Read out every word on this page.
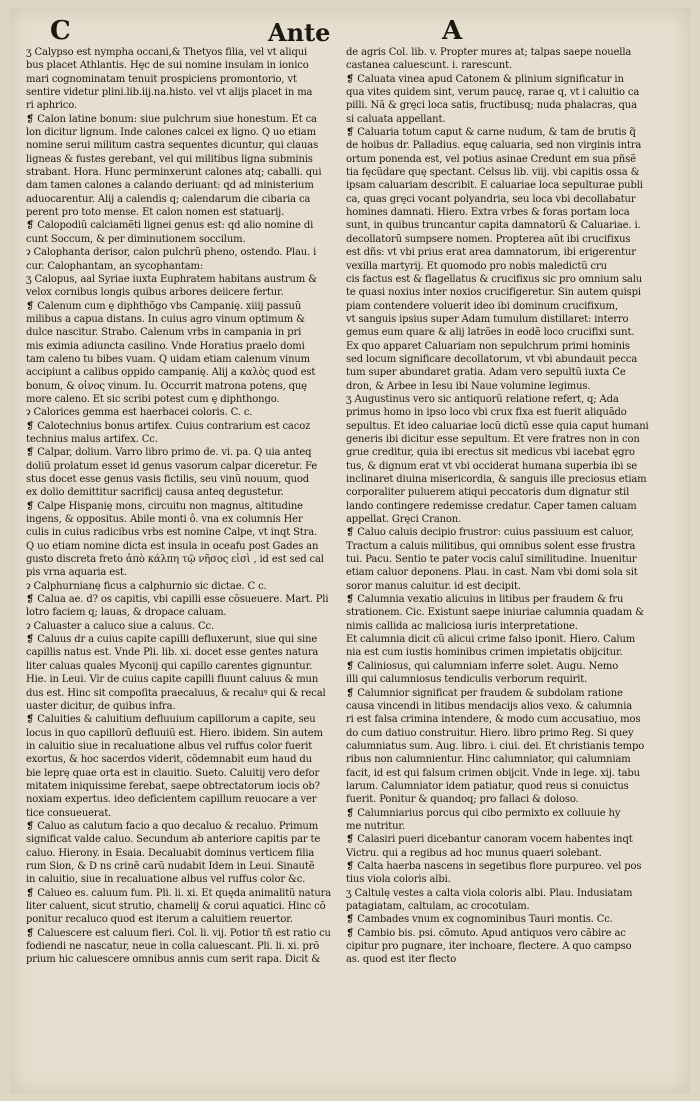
C	Ante	A
ʒ Calypso est nympha occani,& Thetyos filia, vel vt aliqui
bus placet Athlantis. Hęc de sui nomine insulam in ionico
mari cognominatam tenuit prospiciens promontorio, vt
sentire videtur plini.lib.iij.na.histo. vel vt alijs placet in ma
ri aphrico.
❡ Calon latine bonum: siue pulchrum siue honestum. Et ca
lon dicitur lignum. Inde calones calcei ex ligno. Q uo etiam
nomine serui militum castra sequentes dicuntur, qui clauas
ligneas & fustes gerebant, vel qui militibus ligna subminis
strabant. Hora. Hunc perminxerunt calones atq; caballi. qui
dam tamen calones a calando deriuant: qd ad ministerium
aduocarentur. Alij a calendis q; calendarum die cibaria ca
perent pro toto mense. Et calon nomen est statuarij.
❡ Calopodiũ calciamẽti lignei genus est: qd alio nomine di
cunt Soccum, & per diminutionem soccilum.
ɂ Calophanta derisor, calon pulchrũ pheno, ostendo. Plau. i
cur. Calophantam, an sycophantam:
ʒ Calopus, aal Syriae iuxta Euphratem habitans austrum &
velox cornibus longis quibus arbores deiicere fertur.
❡ Calenum cum ę diphthõgo vbs Campanię. xiiij passuũ
milibus a capua distans. In cuius agro vinum optimum &
dulce nascitur. Strabo. Calenum vrbs in campania in pri
mis eximia adiuncta casilino. Vnde Horatius praelo domi
tam caleno tu bibes vuam. Q uidam etiam calenum vinum
accipiunt a calibus oppido campanię. Alij a καλὸς quod est
bonum, & οἶνος vinum. Iu. Occurrit matrona potens, quę
more caleno. Et sic scribi potest cum ę diphthongo.
ɂ Calorices gemma est haerbacei coloris. C. c.
❡ Calotechnius bonus artifex. Cuius contrarium est cacoz
technius malus artifex. Cc.
❡ Calpar, dolium. Varro libro primo de. vi. pa. Q uia anteq
doliũ prolatum esset id genus vasorum calpar diceretur. Fe
stus docet esse genus vasis fictilis, seu vinũ nouum, quod
ex dolio demittitur sacrificij causa anteq degustetur.
❡ Calpe Hispanię mons, circuitu non magnus, altitudine
ingens, & oppositus. Abile monti ô. vna ex columnis Her
culis in cuius radicibus vrbs est nomine Calpe, vt inqt Stra.
Q uo etiam nomine dicta est insula in oceafu post Gades an
gusto discreta freto ἀπὸ κάλπη τῷ νῆσος εἰσὶ , id est sed cal
pis vrna aquaria est.
ɂ Calphurnianę ficus a calphurnio sic dictae. C c.
❡ Calua ae. d? os capitis, vbi capilli esse cõsueuere. Mart. Pli
lotro faciem q; lauas, & dropace caluam.
ɂ Caluaster a caluco siue a caluus. Cc.
❡ Caluus dr a cuius capite capilli defluxerunt, siue qui sine
capillis natus est. Vnde Pli. lib. xi. docet esse gentes natura
liter caluas quales Myconij qui capillo carentes gignuntur.
Hie. in Leui. Vir de cuius capite capilli fluunt caluus & mun
dus est. Hinc sit compoſita praecaluus, & recaluꝰ qui & recal
uaster dicitur, de quibus infra.
❡ Caluities & caluitium defluuium capillorum a capite, seu
locus in quo capillorũ defluuiũ est. Hiero. ibidem. Sin autem
in caluitio siue in recaluatione albus vel ruffus color fuerit
exortus, & hoc sacerdos viderit, cõdemnabit eum haud du
bie leprę quae orta est in clauitio. Sueto. Caluitij vero defor
mitatem iniquissime ferebat, saepe obtrectatorum iocis ob?
noxiam expertus. ideo deficientem capillum reuocare a ver
tice consueuerat.
❡ Caluo as calutum facio a quo decaluo & recaluo. Primum
significat valde caluo. Secundum ab anteriore capitis par te
caluo. Hierony. in Esaia. Decaluabit dominus verticem filia
rum Sion, & D ns crinẽ carũ nudabit Idem in Leui. Sinautẽ
in caluitio, siue in recaluatione albus vel ruffus color &c.
❡ Calueo es. caluum fum. Pli. li. xi. Et quęda animalitũ natura
liter caluent, sicut strutio, chamelij & corui aquatici. Hinc cõ
ponitur recaluco quod est iterum a caluitiem reuertor.
❡ Caluescere est caluum fieri. Col. li. vij. Potior tñ est ratio cu
fodiendi ne nascatur, neue in colla caluescant. Pli. li. xi. prõ
prium hic caluescere omnibus annis cum serit rapa. Dicit &
de agris Col. lib. v. Propter mures at; talpas saepe nouella
castanea caluescunt. i. rarescunt.
❡ Caluata vinea apud Catonem & plinium significatur in
qua vites quidem sint, verum paucę, rarae q, vt i caluitio ca
pilli. Nã & gręci loca satis, fructibusq; nuda phalacras, qua
si caluata appellant.
❡ Caluaria totum caput & carne nudum, & tam de brutis q̃
de hoibus dr. Palladius. equę caluaria, sed non virginis intra
ortum ponenda est, vel potius asinae Credunt em sua pñsẽ
tia fęcũdare quę spectant. Celsus lib. viij. vbi capitis ossa &
ipsam caluariam describit. E caluariae loca sepulturae publi
ca, quas gręci vocant polyandria, seu loca vbi decollabatur
homines damnati. Hiero. Extra vrbes & foras portam loca
sunt, in quibus truncantur capita damnatorũ & Caluariae. i.
decollatorũ sumpsere nomen. Propterea aũt ibi crucifixus
est dñs: vt vbi prius erat area damnatorum, ibi erigerentur
vexilla martyrij. Et quomodo pro nobis maledictũ cru
cis factus est & flagellatus & crucifixus sic pro omnium salu
te quasi noxius inter noxios crucifigeretur. Sin autem quispi
piam contendere voluerit ideo ibi dominum crucifixum,
vt sanguis ipsius super Adam tumulum distillaret: interro
gemus eum quare & alij latrões in eodẽ loco crucifixi sunt.
Ex quo apparet Caluariam non sepulchrum primi hominis
sed locum significare decollatorum, vt vbi abundauit pecca
tum super abundaret gratia. Adam vero sepultũ iuxta Ce
dron, & Arbee in Iesu ibi Naue volumine legimus.
ʒ Augustinus vero sic antiquorũ relatione refert, q; Ada
primus homo in ipso loco vbi crux fixa est fuerit aliquãdo
sepultus. Et ideo caluariae locũ dictũ esse quia caput humani
generis ibi dicitur esse sepultum. Et vere fratres non in con
grue creditur, quia ibi erectus sit medicus vbi iacebat ęgro
tus, & dignum erat vt vbi occiderat humana superbia ibi se
inclinaret diuina misericordia, & sanguis ille preciosus etiam
corporaliter puluerem atiqui peccatoris dum dignatur stil
lando contingere redemisse credatur. Caper tamen caluam
appellat. Gręci Cranon.
❡ Caluo caluis decipio frustror: cuius passiuum est caluor,
Tractum a caluis militibus, qui omnibus solent esse frustra
tui. Pacu. Sentio te pater vocis caluĩ similitudine. Inuenitur
etiam caluor deponens. Plau. in cast. Nam vbi domi sola sit
soror manus caluitur. id est decipit.
❡ Calumnia vexatio alicuius in litibus per fraudem & fru
strationem. Cic. Existunt saepe iniuriae calumnia quadam &
nimis callida ac maliciosa iuris interpretatione.
Et calumnia dicit cũ alicui crime falso iponit. Hiero. Calum
nia est cum iustis hominibus crimen impietatis obijcitur.
❡ Caliniosus, qui calumniam inferre solet. Augu. Nemo
illi qui calumniosus tendiculis verborum requirit.
❡ Calumnior significat per fraudem & subdolam ratione
causa vincendi in litibus mendacijs alios vexo. & calumnia
ri est falsa crimina intendere, & modo cum accusatiuo, mos
do cum datiuo construitur. Hiero. libro primo Reg. Si quey
calumniatus sum. Aug. libro. i. ciui. dei. Et christianis tempo
ribus non calumnientur. Hinc calumniator, qui calumniam
facit, id est qui falsum crimen obijcit. Vnde in lege. xij. tabu
larum. Calumniator idem patiatur, quod reus si conuictus
fuerit. Ponitur & quandoq; pro fallaci & doloso.
❡ Calumniarius porcus qui cibo permixto ex colluuie hy
me nutritur.
❡ Calasiri pueri dicebantur canoram vocem habentes inqt
Victru. qui a regibus ad hoc munus quaeri solebant.
❡ Calta haerba nascens in segetibus flore purpureo. vel pos
tius viola coloris albi.
ʒ Caltulę vestes a calta viola coloris albi. Plau. Indusiatam
patagiatam, caltulam, ac crocotulam.
❡ Cambades vnum ex cognominibus Tauri montis. Cc.
❡ Cambio bis. psi. cõmuto. Apud antiquos vero cãbire ac
cipitur pro pugnare, iter inchoare, flectere. A quo campso
as. quod est iter flecto
